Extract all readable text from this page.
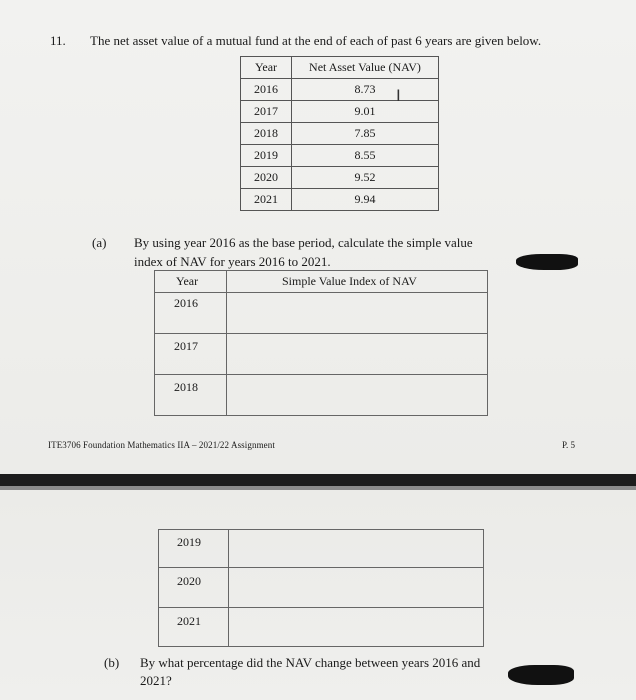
11. The net asset value of a mutual fund at the end of each of past 6 years are given below.
Year	Net Asset Value (NAV)
2016	8.73
2017	9.01
2018	7.85
2019	8.55
2020	9.52
2021	9.94
I
(a) By using year 2016 as the base period, calculate the simple value
index of NAV for years 2016 to 2021.
Year	Simple Value Index of NAV
2016
2017
2018
ITE3706 Foundation Mathematics IIA – 2021/22 Assignment	P. 5
2019
2020
2021
(b) By what percentage did the NAV change between years 2016 and
2021?
